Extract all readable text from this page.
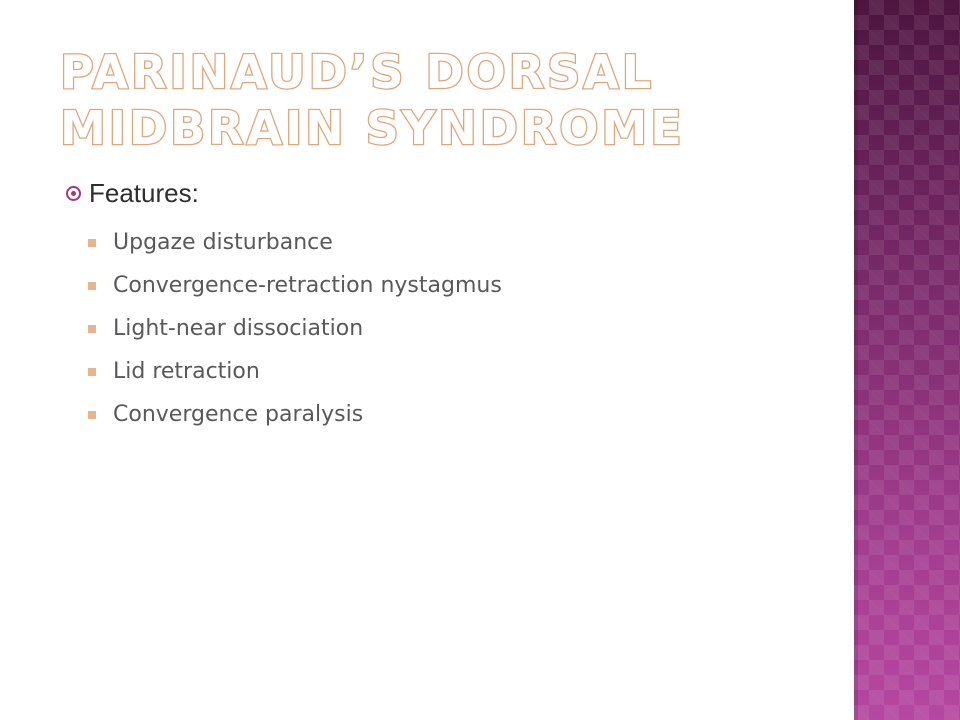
PARINAUD’S DORSAL MIDBRAIN SYNDROME
Features:
Upgaze disturbance
Convergence-retraction nystagmus
Light-near dissociation
Lid retraction
Convergence paralysis
